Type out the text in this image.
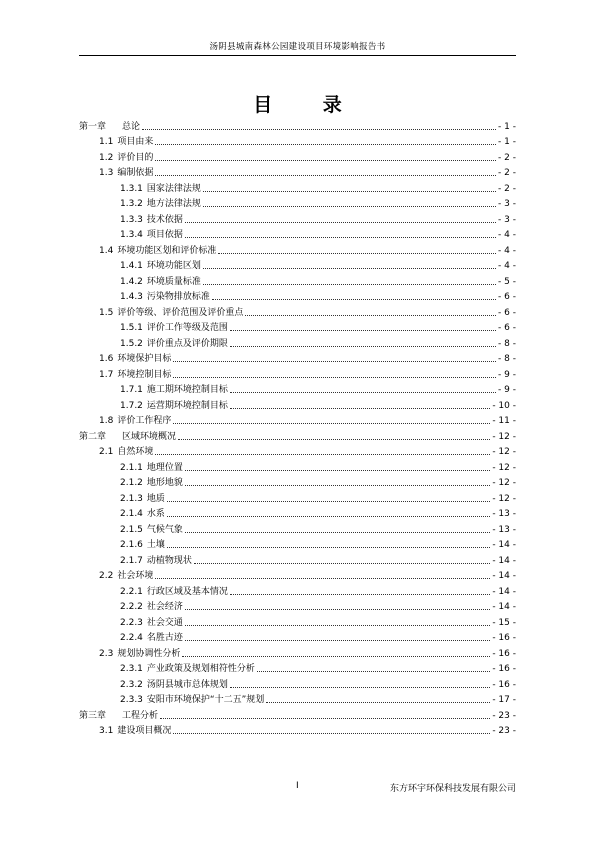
汤阴县城南森林公园建设项目环境影响报告书
目 录
第一章 总论	- 1 -
1.1 项目由来	- 1 -
1.2 评价目的	- 2 -
1.3 编制依据	- 2 -
1.3.1 国家法律法规	- 2 -
1.3.2 地方法律法规	- 3 -
1.3.3 技术依据	- 3 -
1.3.4 项目依据	- 4 -
1.4 环境功能区划和评价标准	- 4 -
1.4.1 环境功能区划	- 4 -
1.4.2 环境质量标准	- 5 -
1.4.3 污染物排放标准	- 6 -
1.5 评价等级、评价范围及评价重点	- 6 -
1.5.1 评价工作等级及范围	- 6 -
1.5.2 评价重点及评价期限	- 8 -
1.6 环境保护目标	- 8 -
1.7 环境控制目标	- 9 -
1.7.1 施工期环境控制目标	- 9 -
1.7.2 运营期环境控制目标	- 10 -
1.8 评价工作程序	- 11 -
第二章 区域环境概况	- 12 -
2.1 自然环境	- 12 -
2.1.1 地理位置	- 12 -
2.1.2 地形地貌	- 12 -
2.1.3 地质	- 12 -
2.1.4 水系	- 13 -
2.1.5 气候气象	- 13 -
2.1.6 土壤	- 14 -
2.1.7 动植物现状	- 14 -
2.2 社会环境	- 14 -
2.2.1 行政区域及基本情况	- 14 -
2.2.2 社会经济	- 14 -
2.2.3 社会交通	- 15 -
2.2.4 名胜古迹	- 16 -
2.3 规划协调性分析	- 16 -
2.3.1 产业政策及规划相符性分析	- 16 -
2.3.2 汤阴县城市总体规划	- 16 -
2.3.3 安阳市环境保护“十二五”规划	- 17 -
第三章 工程分析	- 23 -
3.1 建设项目概况	- 23 -
I	东方环宇环保科技发展有限公司
